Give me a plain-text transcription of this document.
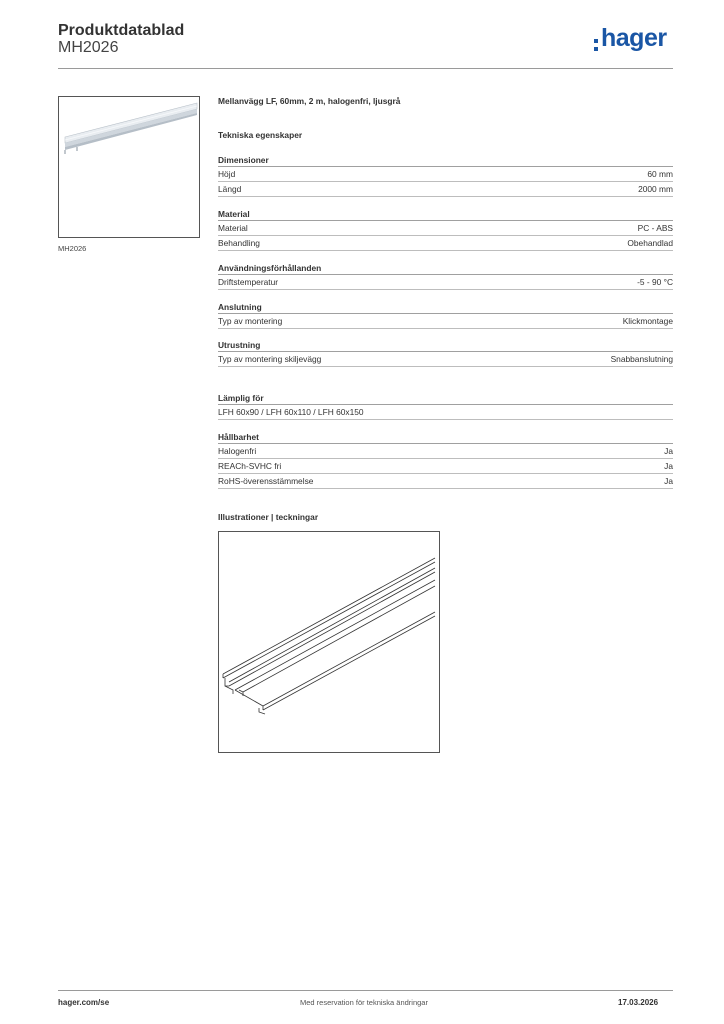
Produktdatablad
MH2026	hager
MH2026
Mellanvägg LF, 60mm, 2 m, halogenfri, ljusgrå
Tekniska egenskaper
Dimensioner
Höjd	60 mm
Längd	2000 mm
Material
Material	PC - ABS
Behandling	Obehandlad
Användningsförhållanden
Driftstemperatur	-5 - 90 °C
Anslutning
Typ av montering	Klickmontage
Utrustning
Typ av montering skiljevägg	Snabbanslutning
Lämplig för
LFH 60x90 / LFH 60x110 / LFH 60x150
Hållbarhet
Halogenfri	Ja
REACh-SVHC fri	Ja
RoHS-överensstämmelse	Ja
Illustrationer | teckningar
hager.com/se	Med reservation för tekniska ändringar	17.03.2026
